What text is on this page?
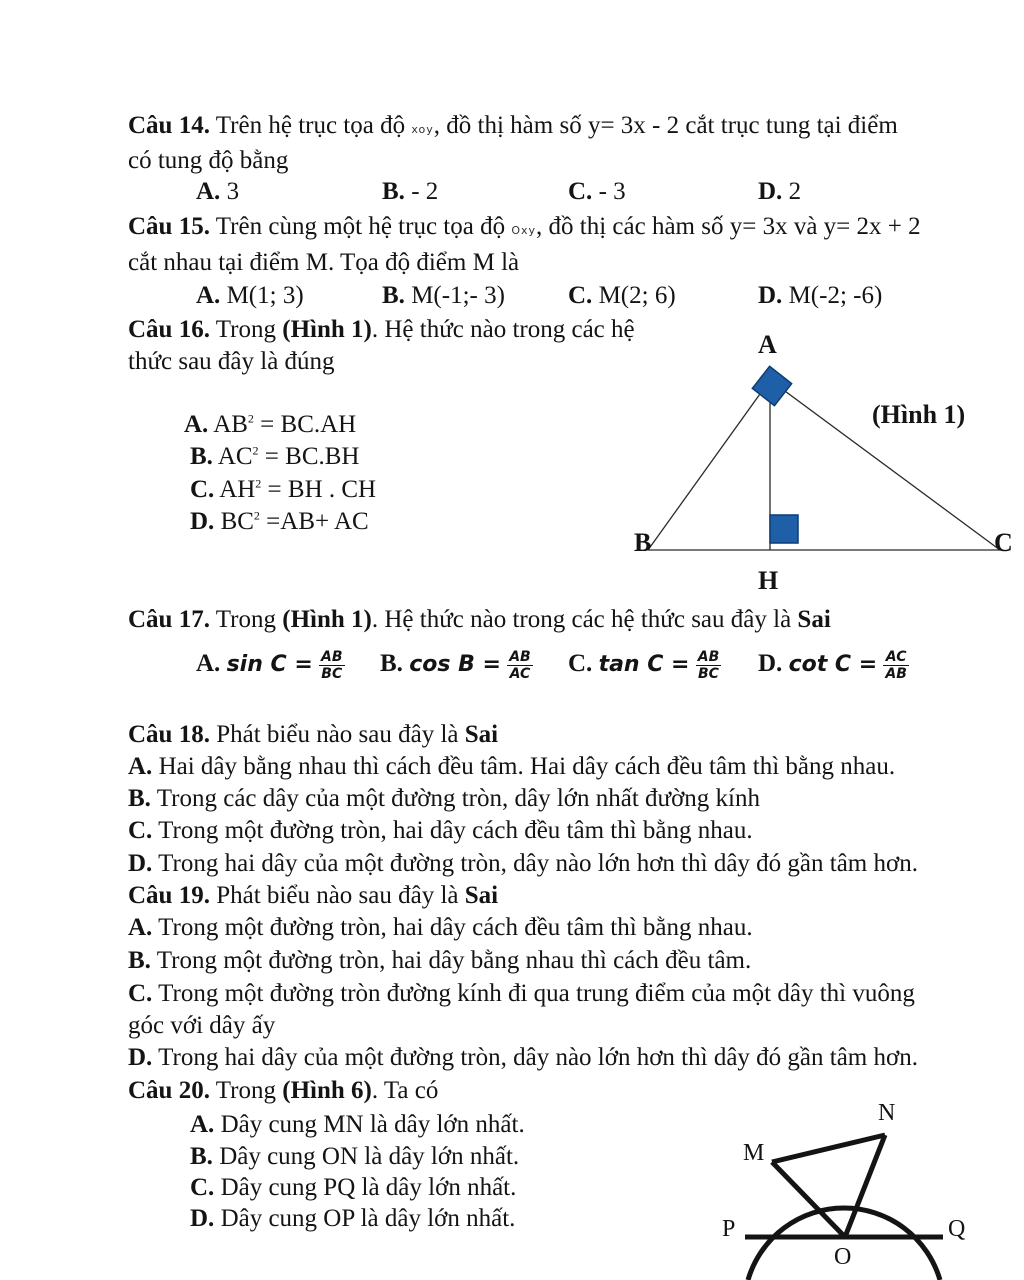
Câu 14. Trên hệ trục tọa độ xoy, đồ thị hàm số y= 3x - 2 cắt trục tung tại điểm
có tung độ bằng
A. 3	B. - 2	C. - 3	D. 2
Câu 15. Trên cùng một hệ trục tọa độ Oxy, đồ thị các hàm số y= 3x và y= 2x + 2
cắt nhau tại điểm M. Tọa độ điểm M là
A. M(1; 3)	B. M(-1;- 3)	C. M(2; 6)	D. M(-2; -6)
Câu 16. Trong (Hình 1). Hệ thức nào trong các hệ
thức sau đây là đúng
A. $AB^2 = BC.AH$
B. $AC^2 = BC.BH$
C. $AH^2$ = BH . CH
D. $BC^2 =AB+$ AC
A
(Hình 1)
B	C
H
Câu 17. Trong (Hình 1). Hệ thức nào trong các hệ thức sau đây là Sai
A. $\sin C = \frac{AB}{BC} B$. $\cos B = \frac{AB}{AC} C$. $\tan C = \frac{AB}{BC} D$. $\cot C = \frac{AC}{AB}$
Câu 18. Phát biểu nào sau đây là Sai
A. Hai dây bằng nhau thì cách đều tâm. Hai dây cách đều tâm thì bằng nhau.
B. Trong các dây của một đường tròn, dây lớn nhất đường kính
C. Trong một đường tròn, hai dây cách đều tâm thì bằng nhau.
D. Trong hai dây của một đường tròn, dây nào lớn hơn thì dây đó gần tâm hơn.
Câu 19. Phát biểu nào sau đây là Sai
A. Trong một đường tròn, hai dây cách đều tâm thì bằng nhau.
B. Trong một đường tròn, hai dây bằng nhau thì cách đều tâm.
C. Trong một đường tròn đường kính đi qua trung điểm của một dây thì vuông
góc với dây ấy
D. Trong hai dây của một đường tròn, dây nào lớn hơn thì dây đó gần tâm hơn.
Câu 20. Trong (Hình 6). Ta có
A. Dây cung MN là dây lớn nhất.
B. Dây cung ON là dây lớn nhất.
C. Dây cung PQ là dây lớn nhất.
D. Dây cung OP là dây lớn nhất.
N
M
P	Q
O
